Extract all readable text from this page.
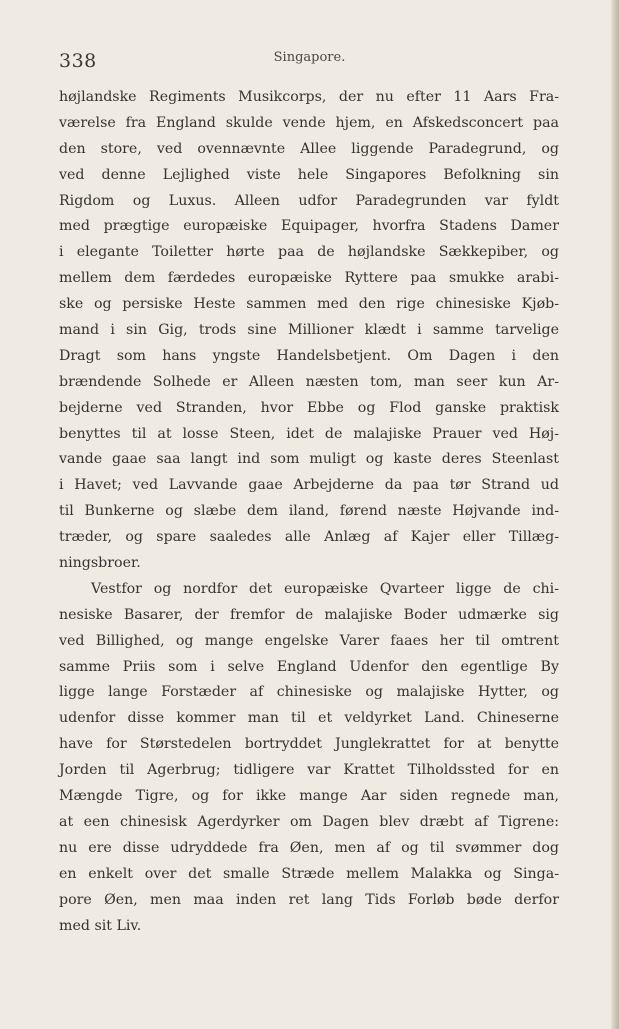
338	Singapore.
højlandske Regiments Musikcorps, der nu efter 11 Aars Fra-
værelse fra England skulde vende hjem, en Afskedsconcert paa
den store, ved ovennævnte Allee liggende Paradegrund, og
ved denne Lejlighed viste hele Singapores Befolkning sin
Rigdom og Luxus. Alleen udfor Paradegrunden var fyldt
med prægtige europæiske Equipager, hvorfra Stadens Damer
i elegante Toiletter hørte paa de højlandske Sækkepiber, og
mellem dem færdedes europæiske Ryttere paa smukke arabi-
ske og persiske Heste sammen med den rige chinesiske Kjøb-
mand i sin Gig, trods sine Millioner klædt i samme tarvelige
Dragt som hans yngste Handelsbetjent. Om Dagen i den
brændende Solhede er Alleen næsten tom, man seer kun Ar-
bejderne ved Stranden, hvor Ebbe og Flod ganske praktisk
benyttes til at losse Steen, idet de malajiske Prauer ved Høj-
vande gaae saa langt ind som muligt og kaste deres Steenlast
i Havet; ved Lavvande gaae Arbejderne da paa tør Strand ud
til Bunkerne og slæbe dem iland, førend næste Højvande ind-
træder, og spare saaledes alle Anlæg af Kajer eller Tillæg-
ningsbroer.
Vestfor og nordfor det europæiske Qvarteer ligge de chi-
nesiske Basarer, der fremfor de malajiske Boder udmærke sig
ved Billighed, og mange engelske Varer faaes her til omtrent
samme Priis som i selve England Udenfor den egentlige By
ligge lange Forstæder af chinesiske og malajiske Hytter, og
udenfor disse kommer man til et veldyrket Land. Chineserne
have for Størstedelen bortryddet Junglekrattet for at benytte
Jorden til Agerbrug; tidligere var Krattet Tilholdssted for en
Mængde Tigre, og for ikke mange Aar siden regnede man,
at een chinesisk Agerdyrker om Dagen blev dræbt af Tigrene:
nu ere disse udryddede fra Øen, men af og til svømmer dog
en enkelt over det smalle Stræde mellem Malakka og Singa-
pore Øen, men maa inden ret lang Tids Forløb bøde derfor
med sit Liv.
